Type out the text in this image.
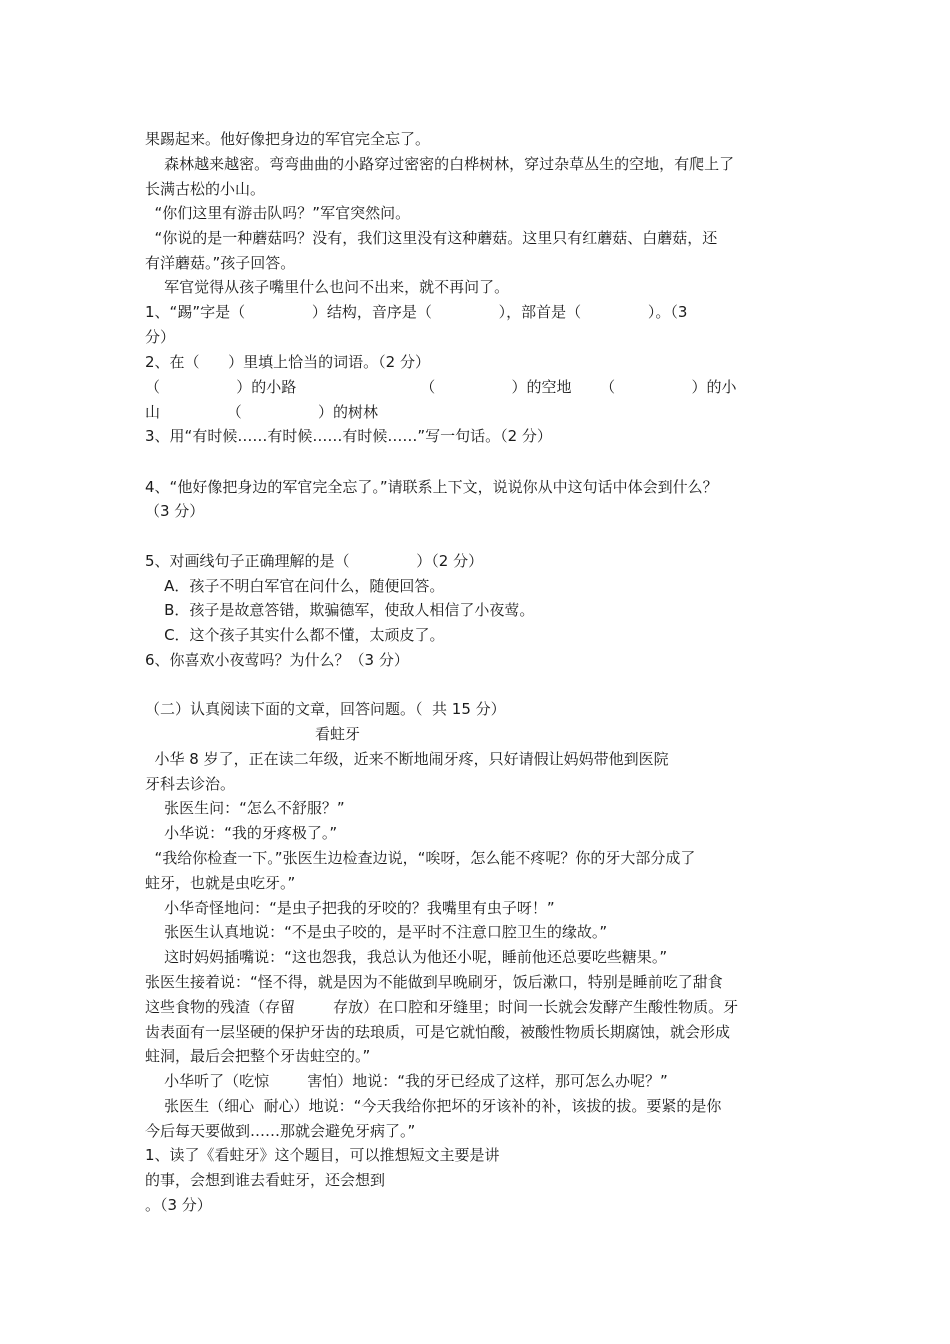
果踢起来。他好像把身边的军官完全忘了。
森林越来越密。弯弯曲曲的小路穿过密密的白桦树林，穿过杂草丛生的空地，有爬上了
长满古松的小山。
“你们这里有游击队吗？”军官突然问。
“你说的是一种蘑菇吗？没有，我们这里没有这种蘑菇。这里只有红蘑菇、白蘑菇，还
有洋蘑菇。”孩子回答。
军官觉得从孩子嘴里什么也问不出来，就不再问了。
1、“踢”字是（              ）结构，音序是（              ），部首是（              ）。（3
分）
2、在（      ）里填上恰当的词语。（2 分）
（                ）的小路                          （                ）的空地      （                ）的小
山              （                ）的树林
3、用“有时候……有时候……有时候……”写一句话。（2 分）
4、“他好像把身边的军官完全忘了。”请联系上下文，说说你从中这句话中体会到什么？
（3 分）
5、对画线句子正确理解的是（              ）（2 分）
A．孩子不明白军官在问什么，随便回答。
B．孩子是故意答错，欺骗德军，使敌人相信了小夜莺。
C．这个孩子其实什么都不懂，太顽皮了。
6、你喜欢小夜莺吗？为什么？（3 分）
（二）认真阅读下面的文章，回答问题。（  共 15 分）
看蛀牙
小华 8 岁了，正在读二年级，近来不断地闹牙疼，只好请假让妈妈带他到医院
牙科去诊治。
张医生问：“怎么不舒服？”
小华说：“我的牙疼极了。”
“我给你检查一下。”张医生边检查边说，“唉呀，怎么能不疼呢？你的牙大部分成了
蛀牙，也就是虫吃牙。”
小华奇怪地问：“是虫子把我的牙咬的？我嘴里有虫子呀！”
张医生认真地说：“不是虫子咬的，是平时不注意口腔卫生的缘故。”
这时妈妈插嘴说：“这也怨我，我总认为他还小呢，睡前他还总要吃些糖果。”
张医生接着说：“怪不得，就是因为不能做到早晚刷牙，饭后漱口，特别是睡前吃了甜食
这些食物的残渣（存留        存放）在口腔和牙缝里；时间一长就会发酵产生酸性物质。牙
齿表面有一层坚硬的保护牙齿的珐琅质，可是它就怕酸，被酸性物质长期腐蚀，就会形成
蛀洞，最后会把整个牙齿蛀空的。”
小华听了（吃惊        害怕）地说：“我的牙已经成了这样，那可怎么办呢？”
张医生（细心  耐心）地说：“今天我给你把坏的牙该补的补，该拔的拔。要紧的是你
今后每天要做到……那就会避免牙病了。”
1、读了《看蛀牙》这个题目，可以推想短文主要是讲
的事，会想到谁去看蛀牙，还会想到
。（3 分）
